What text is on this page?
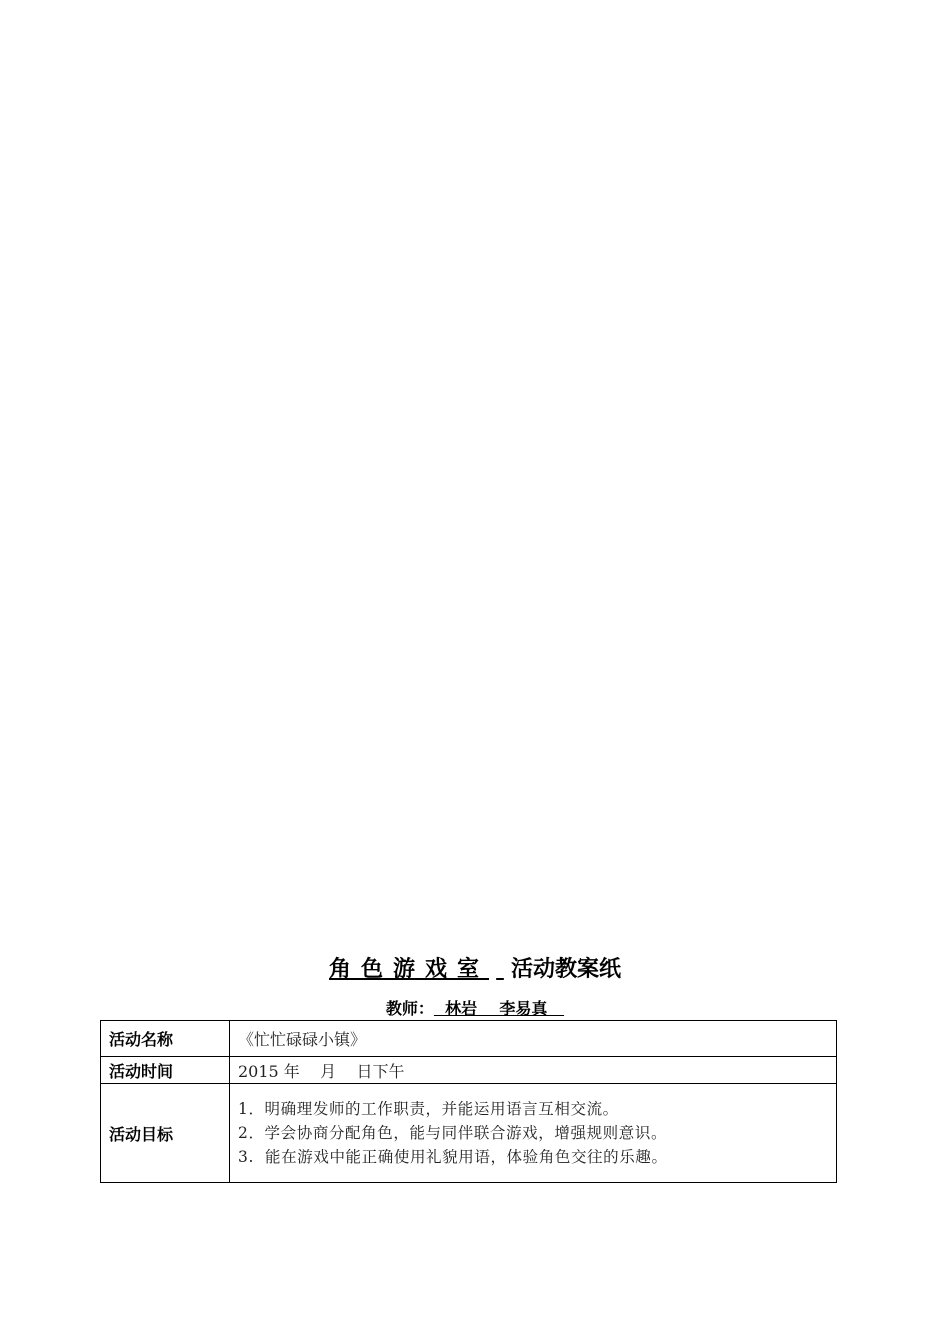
角色游戏室 活动教案纸
教师：  林岩    李易真
活动名称	《忙忙碌碌小镇》
活动时间	2015 年    月    日下午
活动目标	1．明确理发师的工作职责，并能运用语言互相交流。
2．学会协商分配角色，能与同伴联合游戏，增强规则意识。
3.  能在游戏中能正确使用礼貌用语，体验角色交往的乐趣。
